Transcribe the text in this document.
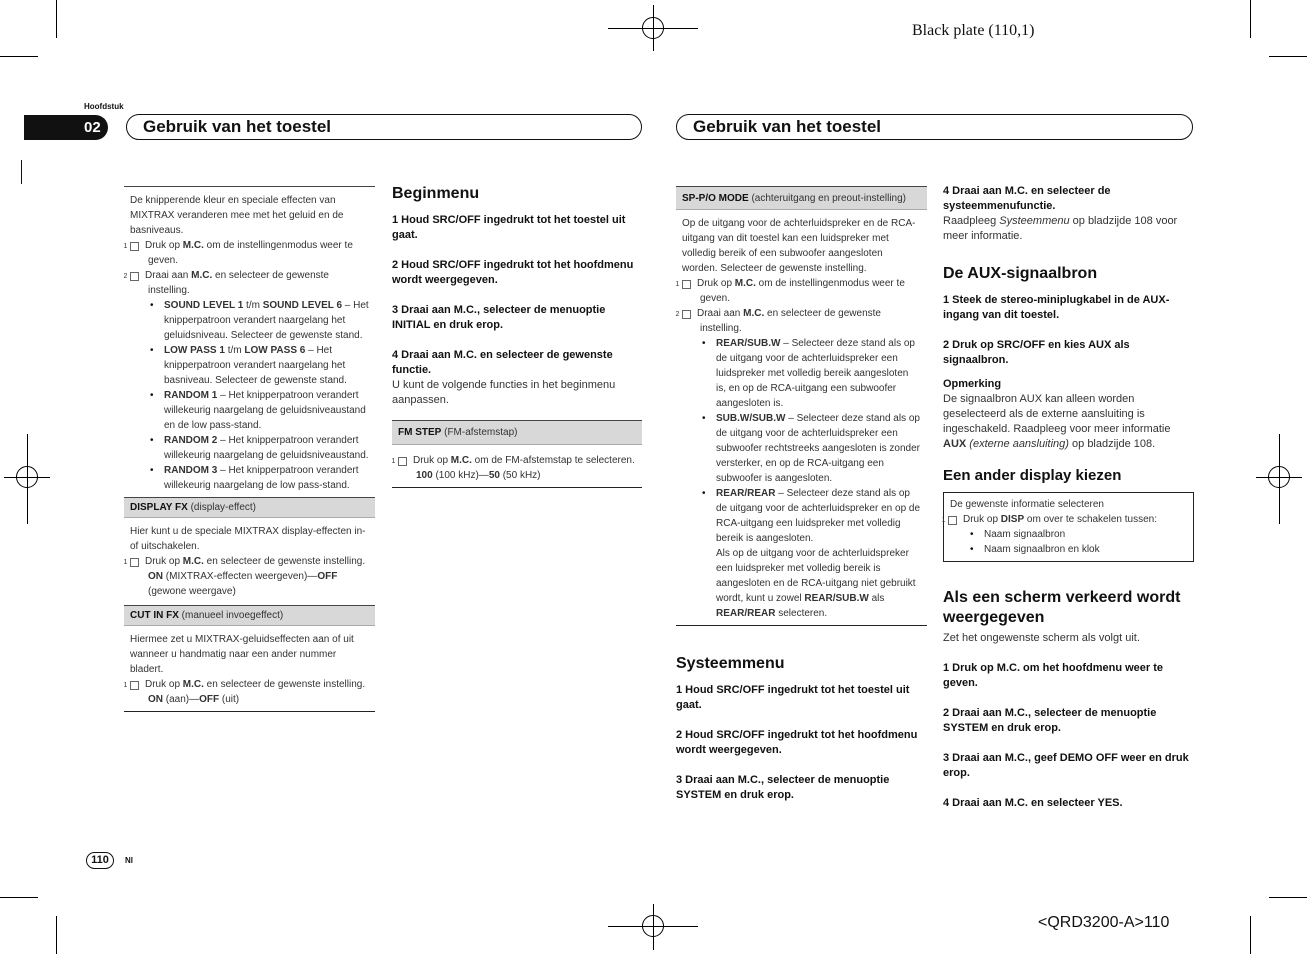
Black plate (110,1)
<QRD3200-A>110
Hoofdstuk
02	Gebruik van het toestel	Gebruik van het toestel

De knipperende kleur en speciale effecten van MIXTRAX veranderen mee met het geluid en de basniveaus.

1 Druk op M.C. om de instellingenmodus weer te geven.

2 Draai aan M.C. en selecteer de gewenste instelling.

• SOUND LEVEL 1 t/m SOUND LEVEL 6 – Het knipperpatroon verandert naargelang het geluidsniveau. Selecteer de gewenste stand.

• LOW PASS 1 t/m LOW PASS 6 – Het knipperpatroon verandert naargelang het basniveau. Selecteer de gewenste stand.

• RANDOM 1 – Het knipperpatroon verandert willekeurig naargelang de geluidsniveaustand en de low pass-stand.

• RANDOM 2 – Het knipperpatroon verandert willekeurig naargelang de geluidsniveaustand.

• RANDOM 3 – Het knipperpatroon verandert willekeurig naargelang de low pass-stand.

DISPLAY FX (display-effect)

Hier kunt u de speciale MIXTRAX display-effecten in- of uitschakelen.

1 Druk op M.C. en selecteer de gewenste instelling.

ON (MIXTRAX-effecten weergeven)—OFF (gewone weergave)

CUT IN FX (manueel invoegeffect)

Hiermee zet u MIXTRAX-geluidseffecten aan of uit wanneer u handmatig naar een ander nummer bladert.

1 Druk op M.C. en selecteer de gewenste instelling.

ON (aan)—OFF (uit)

Beginmenu

1 Houd SRC/OFF ingedrukt tot het toestel uit gaat.

2 Houd SRC/OFF ingedrukt tot het hoofdmenu wordt weergegeven.

3 Draai aan M.C., selecteer de menuoptie INITIAL en druk erop.

4 Draai aan M.C. en selecteer de gewenste functie.

U kunt de volgende functies in het beginmenu aanpassen.

FM STEP (FM-afstemstap)

1 Druk op M.C. om de FM-afstemstap te selecteren.

100 (100 kHz)—50 (50 kHz)

SP-P/O MODE (achteruitgang en preout-instelling)

Op de uitgang voor de achterluidspreker en de RCA-uitgang van dit toestel kan een luidspreker met volledig bereik of een subwoofer aangesloten worden. Selecteer de gewenste instelling.

1 Druk op M.C. om de instellingenmodus weer te geven.

2 Draai aan M.C. en selecteer de gewenste instelling.

• REAR/SUB.W – Selecteer deze stand als op de uitgang voor de achterluidspreker een luidspreker met volledig bereik aangesloten is, en op de RCA-uitgang een subwoofer aangesloten is.

• SUB.W/SUB.W – Selecteer deze stand als op de uitgang voor de achterluidspreker een subwoofer rechtstreeks aangesloten is zonder versterker, en op de RCA-uitgang een subwoofer is aangesloten.

• REAR/REAR – Selecteer deze stand als op de uitgang voor de achterluidspreker en op de RCA-uitgang een luidspreker met volledig bereik is aangesloten.

Als op de uitgang voor de achterluidspreker een luidspreker met volledig bereik is aangesloten en de RCA-uitgang niet gebruikt wordt, kunt u zowel REAR/SUB.W als REAR/REAR selecteren.

Systeemmenu

1 Houd SRC/OFF ingedrukt tot het toestel uit gaat.

2 Houd SRC/OFF ingedrukt tot het hoofdmenu wordt weergegeven.

3 Draai aan M.C., selecteer de menuoptie SYSTEM en druk erop.

4 Draai aan M.C. en selecteer de systeemmenufunctie.

Raadpleeg Systeemmenu op bladzijde 108 voor meer informatie.

De AUX-signaalbron

1 Steek de stereo-miniplugkabel in de AUX-ingang van dit toestel.

2 Druk op SRC/OFF en kies AUX als signaalbron.

Opmerking

De signaalbron AUX kan alleen worden geselecteerd als de externe aansluiting is ingeschakeld. Raadpleeg voor meer informatie AUX (externe aansluiting) op bladzijde 108.

Een ander display kiezen

De gewenste informatie selecteren

1 Druk op DISP om over te schakelen tussen:

• Naam signaalbron

• Naam signaalbron en klok

Als een scherm verkeerd wordt weergegeven

Zet het ongewenste scherm als volgt uit.

1 Druk op M.C. om het hoofdmenu weer te geven.

2 Draai aan M.C., selecteer de menuoptie SYSTEM en druk erop.

3 Draai aan M.C., geef DEMO OFF weer en druk erop.

4 Draai aan M.C. en selecteer YES.

110	Nl
